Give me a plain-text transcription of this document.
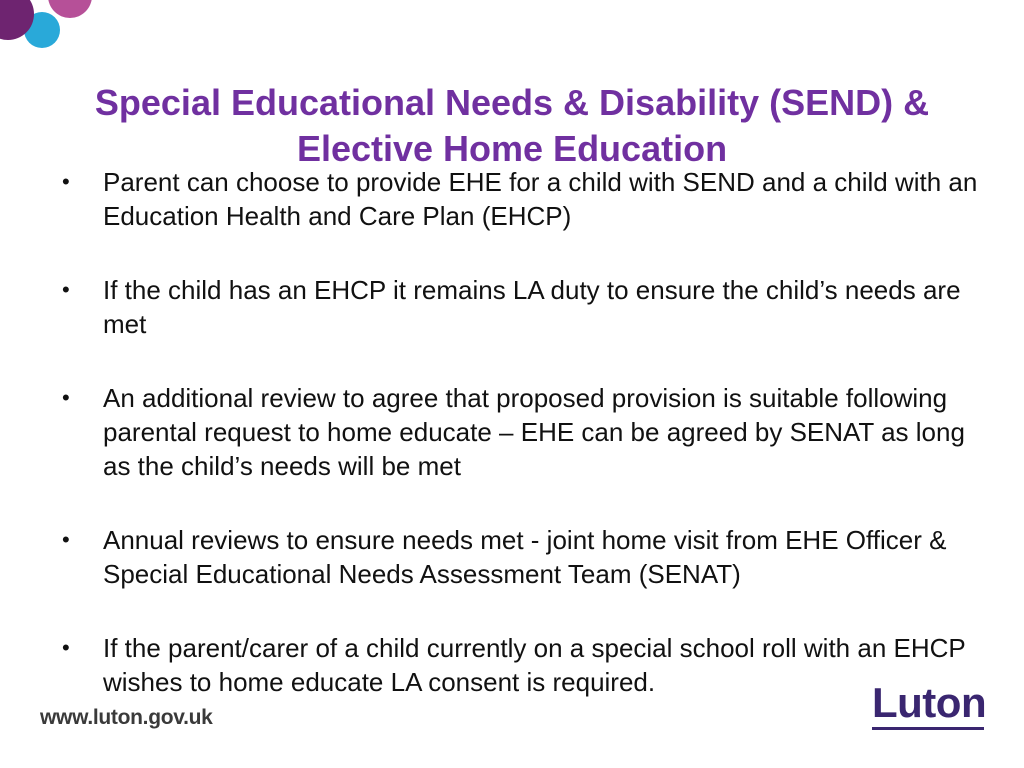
Special Educational Needs & Disability (SEND) &
Elective Home Education
• Parent can choose to provide EHE for a child with SEND and a child with an Education Health and Care Plan (EHCP)
• If the child has an EHCP it remains LA duty to ensure the child’s needs are met
• An additional review to agree that proposed provision is suitable following parental request to home educate – EHE can be agreed by SENAT as long as the child’s needs will be met
• Annual reviews to ensure needs met - joint home visit from EHE Officer & Special Educational Needs Assessment Team (SENAT)
• If the parent/carer of a child currently on a special school roll with an EHCP wishes to home educate LA consent is required.
www.luton.gov.uk	Luton
